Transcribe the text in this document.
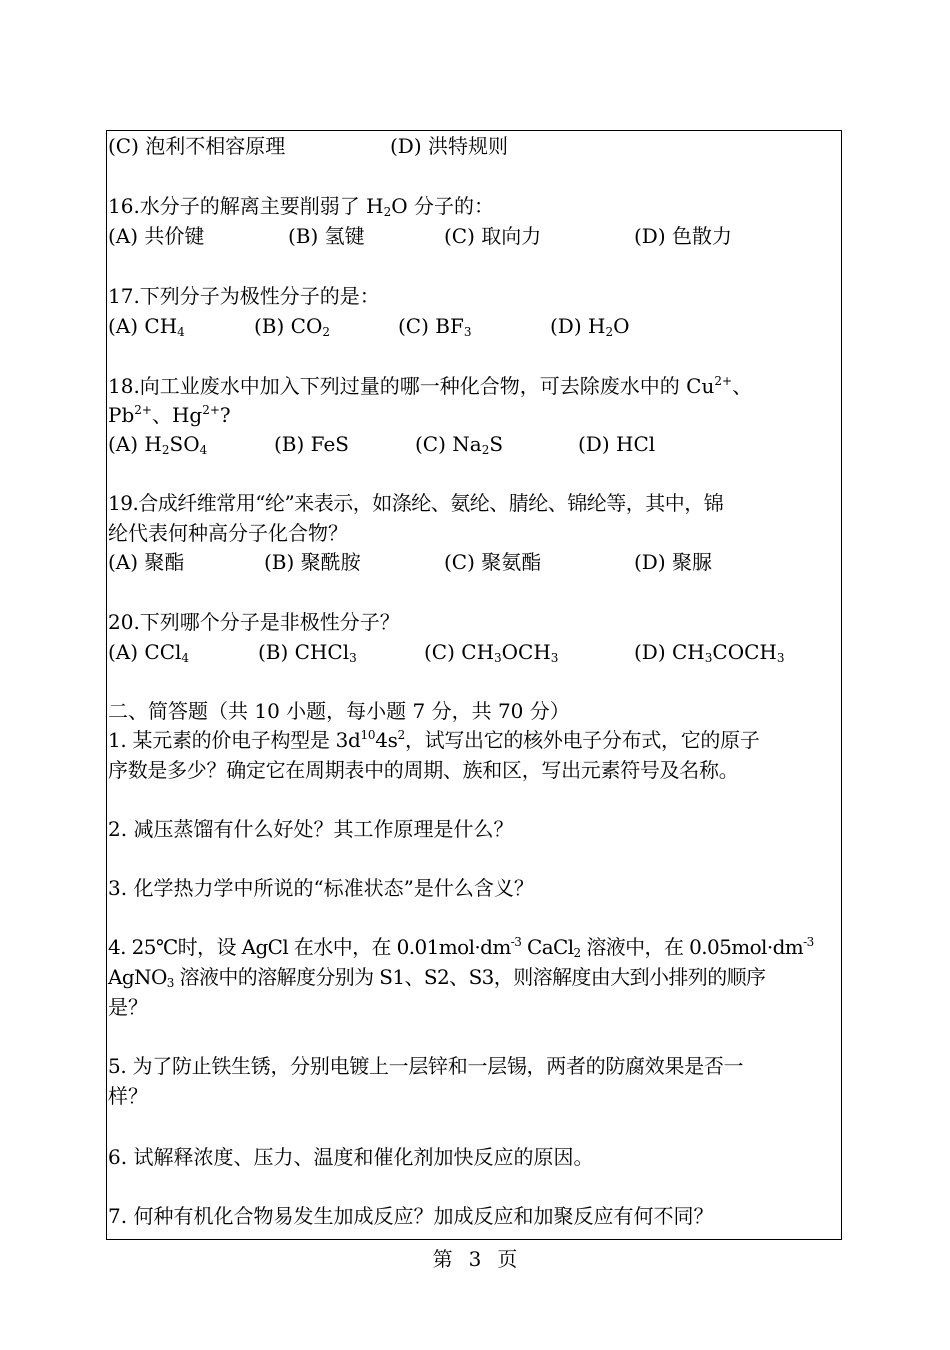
(C) 泡利不相容原理	(D) 洪特规则
16.水分子的解离主要削弱了 $H_2O$ 分子的：
(A) 共价键	(B) 氢键	(C) 取向力	(D) 色散力
17.下列分子为极性分子的是：
(A) $CH_4$	(B) $CO_2$	(C) $BF_3$	(D) $H_2O$
18.向工业废水中加入下列过量的哪一种化合物，可去除废水中的 $Cu^{2+}$、
$Pb^{2+}$、$Hg^{2+}$?
(A) $H_2SO_4$	(B) FeS	(C) $Na_2S$	(D) HCl
19.合成纤维常用“纶”来表示，如涤纶、氨纶、腈纶、锦纶等，其中，锦
纶代表何种高分子化合物？
(A) 聚酯	(B) 聚酰胺	(C) 聚氨酯	(D) 聚脲
20.下列哪个分子是非极性分子？
(A) CCl$_4$	(B) CHCl$_3$	(C) $CH_3OCH_3$	(D) $CH_3COCH_3$
二、简答题（共 10 小题，每小题 7 分，共 70 分）
1. 某元素的价电子构型是 $3d^{10}4s^2$，试写出它的核外电子分布式，它的原子
序数是多少？确定它在周期表中的周期、族和区，写出元素符号及名称。
2. 减压蒸馏有什么好处？其工作原理是什么？
3. 化学热力学中所说的“标准状态”是什么含义？
4. 25℃时，设 AgCl 在水中，在 $0.01mol\cdot dm^{-3}$ CaCl$_2$ 溶液中，在 $0.05mol\cdot dm^{-3}$
AgNO$_3$ 溶液中的溶解度分别为 S1、S2、S3，则溶解度由大到小排列的顺序
是？
5. 为了防止铁生锈，分别电镀上一层锌和一层锡，两者的防腐效果是否一
样？
6. 试解释浓度、压力、温度和催化剂加快反应的原因。
7. 何种有机化合物易发生加成反应？加成反应和加聚反应有何不同？
第 3 页
